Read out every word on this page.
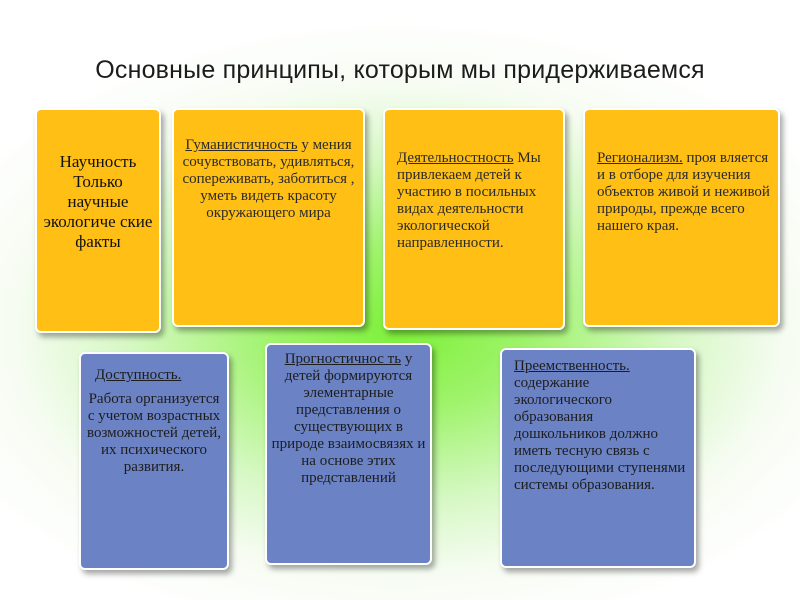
Основные принципы, которым мы придерживаемся
Научность Только научные экологиче ские факты
Гуманистичность у мения сочувствовать, удивляться, сопереживать, заботиться , уметь видеть красоту окружающего мира
Деятельностность Мы привлекаем детей к участию в посильных видах деятельности экологической направленности.
Регионализм. проя вляется и в отборе для изучения объектов живой и неживой природы, прежде всего нашего края.
Доступность.
Работа организуется с учетом возрастных возможностей детей, их психического развития.
Прогностичнос ть у детей формируются элементарные представления о существующих в природе взаимосвязях и на основе этих представлений
Преемственность. содержание экологического образования дошкольников должно иметь тесную связь с последующими ступенями системы образования.
